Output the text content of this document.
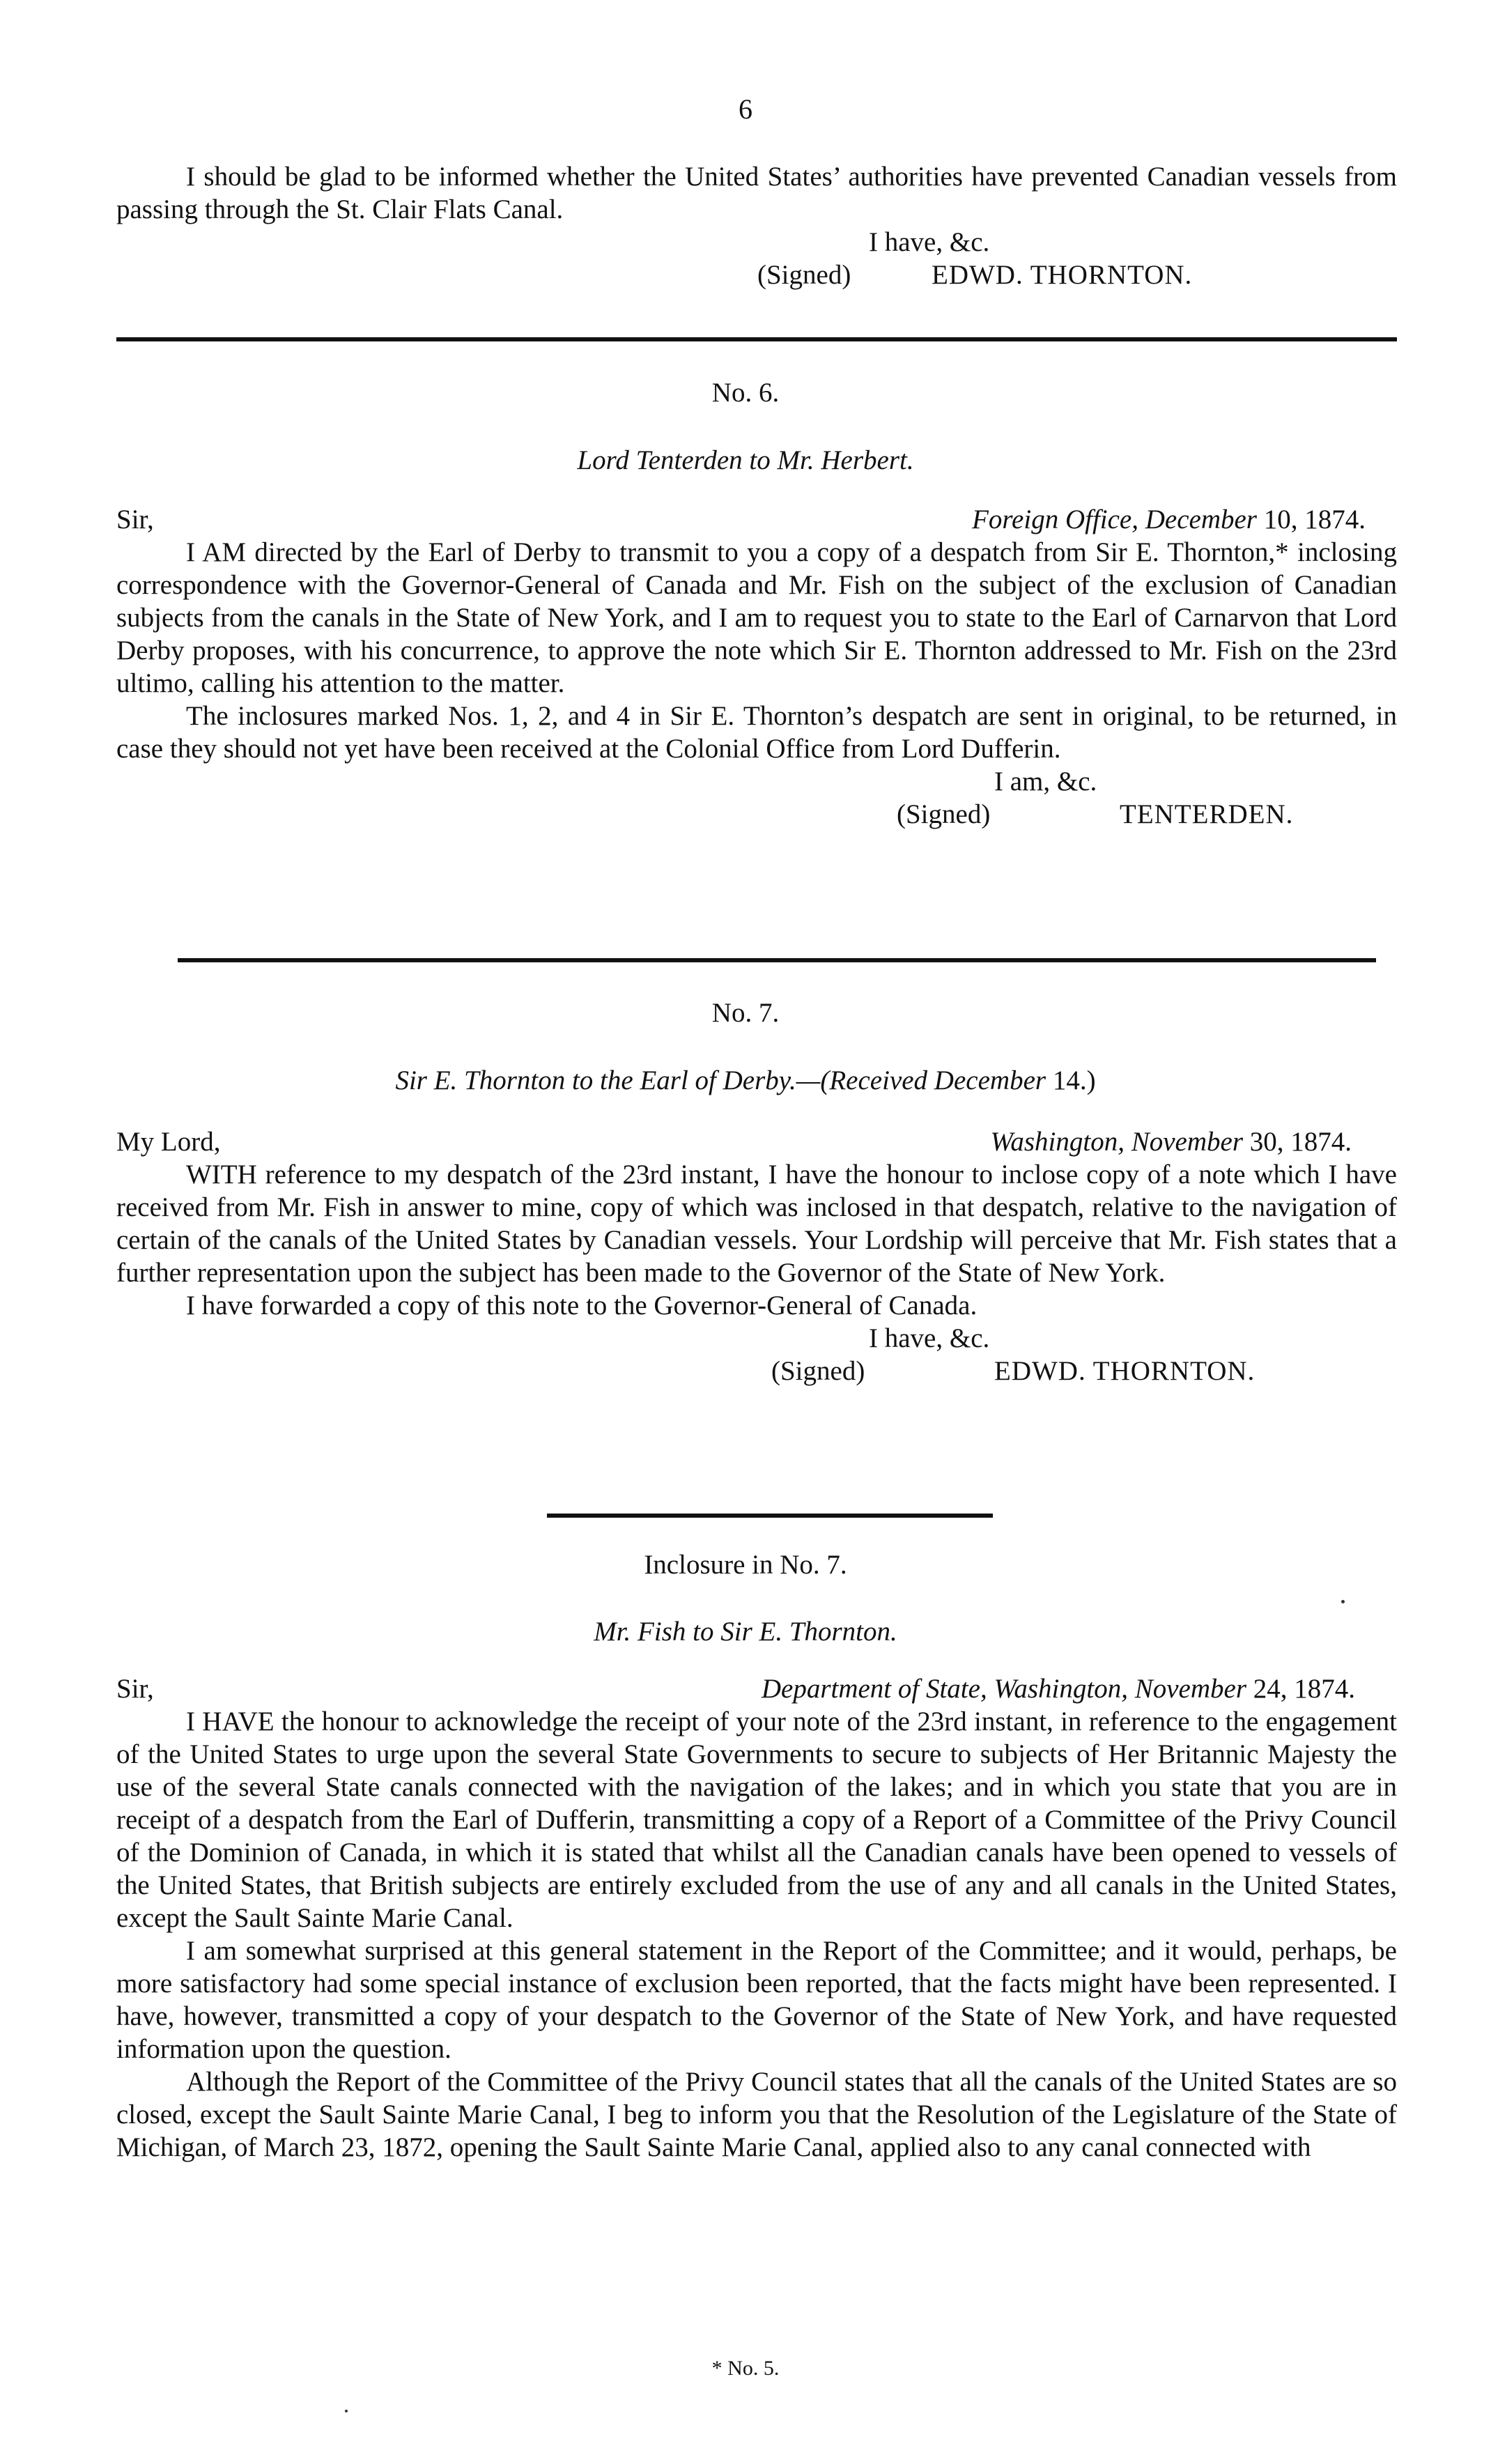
6

I should be glad to be informed whether the United States’ authorities have prevented Canadian vessels from passing through the St. Clair Flats Canal.

I have, &c.

(Signed)	EDWD. THORNTON.
No. 6.
Lord Tenterden to Mr. Herbert.
Sir,	Foreign Office, December 10, 1874.

I AM directed by the Earl of Derby to transmit to you a copy of a despatch from Sir E. Thornton,* inclosing correspondence with the Governor-General of Canada and Mr. Fish on the subject of the exclusion of Canadian subjects from the canals in the State of New York, and I am to request you to state to the Earl of Carnarvon that Lord Derby proposes, with his concurrence, to approve the note which Sir E. Thornton addressed to Mr. Fish on the 23rd ultimo, calling his attention to the matter.

The inclosures marked Nos. 1, 2, and 4 in Sir E. Thornton’s despatch are sent in original, to be returned, in case they should not yet have been received at the Colonial Office from Lord Dufferin.

I am, &c.

(Signed)	TENTERDEN.
No. 7.
Sir E. Thornton to the Earl of Derby.—(Received December 14.)
My Lord,	Washington, November 30, 1874.

WITH reference to my despatch of the 23rd instant, I have the honour to inclose copy of a note which I have received from Mr. Fish in answer to mine, copy of which was inclosed in that despatch, relative to the navigation of certain of the canals of the United States by Canadian vessels. Your Lordship will perceive that Mr. Fish states that a further representation upon the subject has been made to the Governor of the State of New York.

I have forwarded a copy of this note to the Governor-General of Canada.

I have, &c.

(Signed)	EDWD. THORNTON.
Inclosure in No. 7.
Mr. Fish to Sir E. Thornton.
Sir,	Department of State, Washington, November 24, 1874.

I HAVE the honour to acknowledge the receipt of your note of the 23rd instant, in reference to the engagement of the United States to urge upon the several State Governments to secure to subjects of Her Britannic Majesty the use of the several State canals connected with the navigation of the lakes; and in which you state that you are in receipt of a despatch from the Earl of Dufferin, transmitting a copy of a Report of a Committee of the Privy Council of the Dominion of Canada, in which it is stated that whilst all the Canadian canals have been opened to vessels of the United States, that British subjects are entirely excluded from the use of any and all canals in the United States, except the Sault Sainte Marie Canal.

I am somewhat surprised at this general statement in the Report of the Committee; and it would, perhaps, be more satisfactory had some special instance of exclusion been reported, that the facts might have been represented. I have, however, transmitted a copy of your despatch to the Governor of the State of New York, and have requested information upon the question.

Although the Report of the Committee of the Privy Council states that all the canals of the United States are so closed, except the Sault Sainte Marie Canal, I beg to inform you that the Resolution of the Legislature of the State of Michigan, of March 23, 1872, opening the Sault Sainte Marie Canal, applied also to any canal connected with

* No. 5.
